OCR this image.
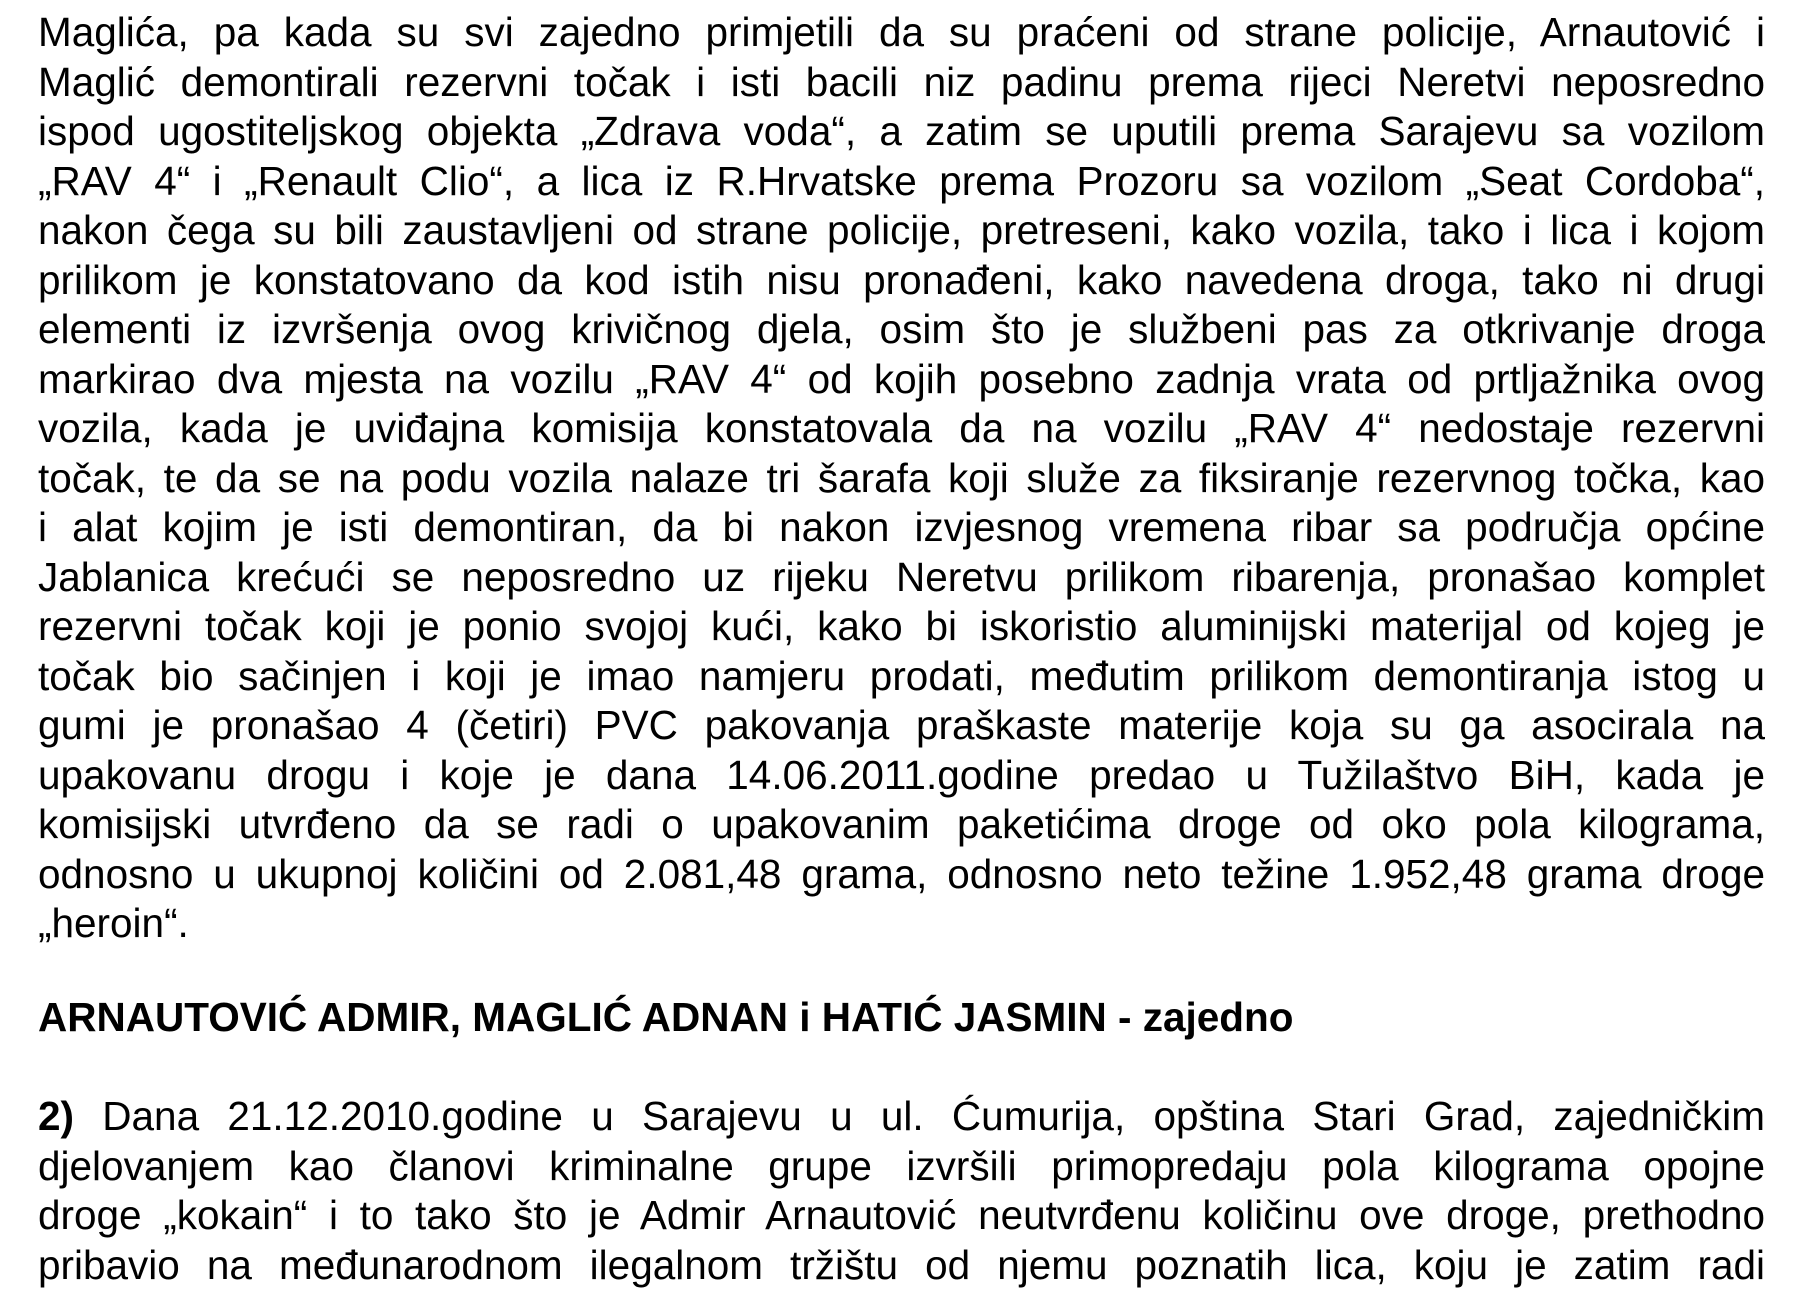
Maglića, pa kada su svi zajedno primjetili da su praćeni od strane policije, Arnautović i
Maglić demontirali rezervni točak i isti bacili niz padinu prema rijeci Neretvi neposredno
ispod ugostiteljskog objekta „Zdrava voda“, a zatim se uputili prema Sarajevu sa vozilom
„RAV 4“ i „Renault Clio“, a lica iz R.Hrvatske prema Prozoru sa vozilom „Seat Cordoba“,
nakon čega su bili zaustavljeni od strane policije, pretreseni, kako vozila, tako i lica i kojom
prilikom je konstatovano da kod istih nisu pronađeni, kako navedena droga, tako ni drugi
elementi iz izvršenja ovog krivičnog djela, osim što je službeni pas za otkrivanje droga
markirao dva mjesta na vozilu „RAV 4“ od kojih posebno zadnja vrata od prtljažnika ovog
vozila, kada je uviđajna komisija konstatovala da na vozilu „RAV 4“ nedostaje rezervni
točak, te da se na podu vozila nalaze tri šarafa koji služe za fiksiranje rezervnog točka, kao
i alat kojim je isti demontiran, da bi nakon izvjesnog vremena ribar sa područja općine
Jablanica krećući se neposredno uz rijeku Neretvu prilikom ribarenja, pronašao komplet
rezervni točak koji je ponio svojoj kući, kako bi iskoristio aluminijski materijal od kojeg je
točak bio sačinjen i koji je imao namjeru prodati, međutim prilikom demontiranja istog u
gumi je pronašao 4 (četiri) PVC pakovanja praškaste materije koja su ga asocirala na
upakovanu drogu i koje je dana 14.06.2011.godine predao u Tužilaštvo BiH, kada je
komisijski utvrđeno da se radi o upakovanim paketićima droge od oko pola kilograma,
odnosno u ukupnoj količini od 2.081,48 grama, odnosno neto težine 1.952,48 grama droge
„heroin“.
ARNAUTOVIĆ ADMIR, MAGLIĆ ADNAN i HATIĆ JASMIN - zajedno
2) Dana 21.12.2010.godine u Sarajevu u ul. Ćumurija, opština Stari Grad, zajedničkim
djelovanjem kao članovi kriminalne grupe izvršili primopredaju pola kilograma opojne
droge „kokain“ i to tako što je Admir Arnautović neutvrđenu količinu ove droge, prethodno
pribavio na međunarodnom ilegalnom tržištu od njemu poznatih lica, koju je zatim radi
